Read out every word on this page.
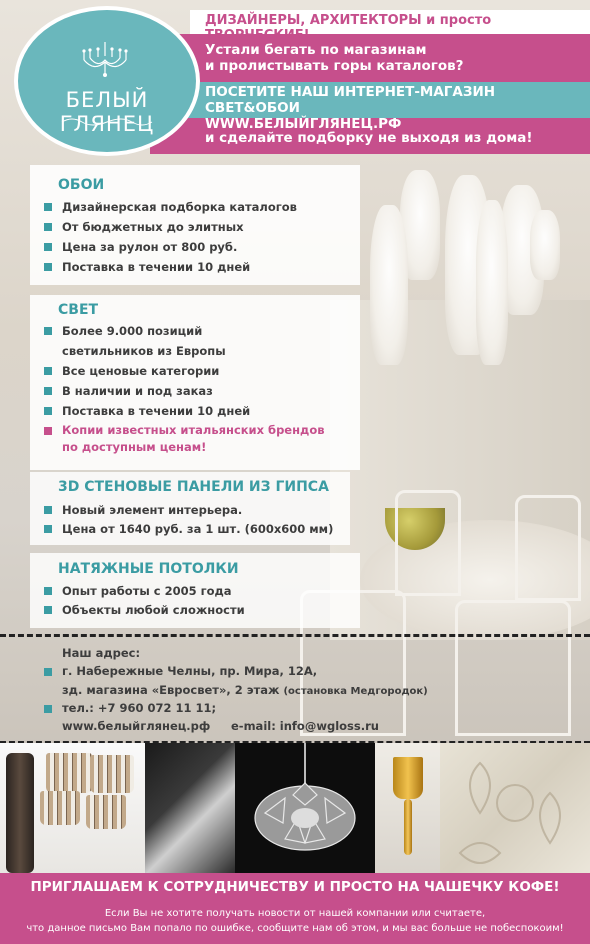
БЕЛЫЙ ГЛЯНЕЦ
ДИЗАЙНЕРЫ, АРХИТЕКТОРЫ и просто ТВОРЧЕСКИЕ!
Устали бегать по магазинам
и пролистывать горы каталогов?
ПОСЕТИТЕ НАШ ИНТЕРНЕТ-МАГАЗИН СВЕТ&ОБОИ
WWW.БЕЛЫЙГЛЯНЕЦ.РФ
и сделайте подборку не выходя из дома!
ОБОИ
Дизайнерская подборка каталогов
От бюджетных до элитных
Цена за рулон от 800 руб.
Поставка в течении 10 дней
СВЕТ
Более 9.000 позиций
светильников из Европы
Все ценовые категории
В наличии и под заказ
Поставка в течении 10 дней
Копии известных итальянских брендов
по доступным ценам!
3D СТЕНОВЫЕ ПАНЕЛИ ИЗ ГИПСА
Новый элемент интерьера.
Цена от 1640 руб. за 1 шт. (600x600 мм)
НАТЯЖНЫЕ ПОТОЛКИ
Опыт работы с 2005 года
Объекты любой сложности
Наш адрес:
г. Набережные Челны, пр. Мира, 12А,
зд. магазина «Евросвет», 2 этаж (остановка Медгородок)
тел.: +7 960 072 11 11;
www.белыйглянец.рф e-mail: info@wgloss.ru
ПРИГЛАШАЕМ К СОТРУДНИЧЕСТВУ И ПРОСТО НА ЧАШЕЧКУ КОФЕ!
Если Вы не хотите получать новости от нашей компании или считаете,
что данное письмо Вам попало по ошибке, сообщите нам об этом, и мы вас больше не побеспокоим!
